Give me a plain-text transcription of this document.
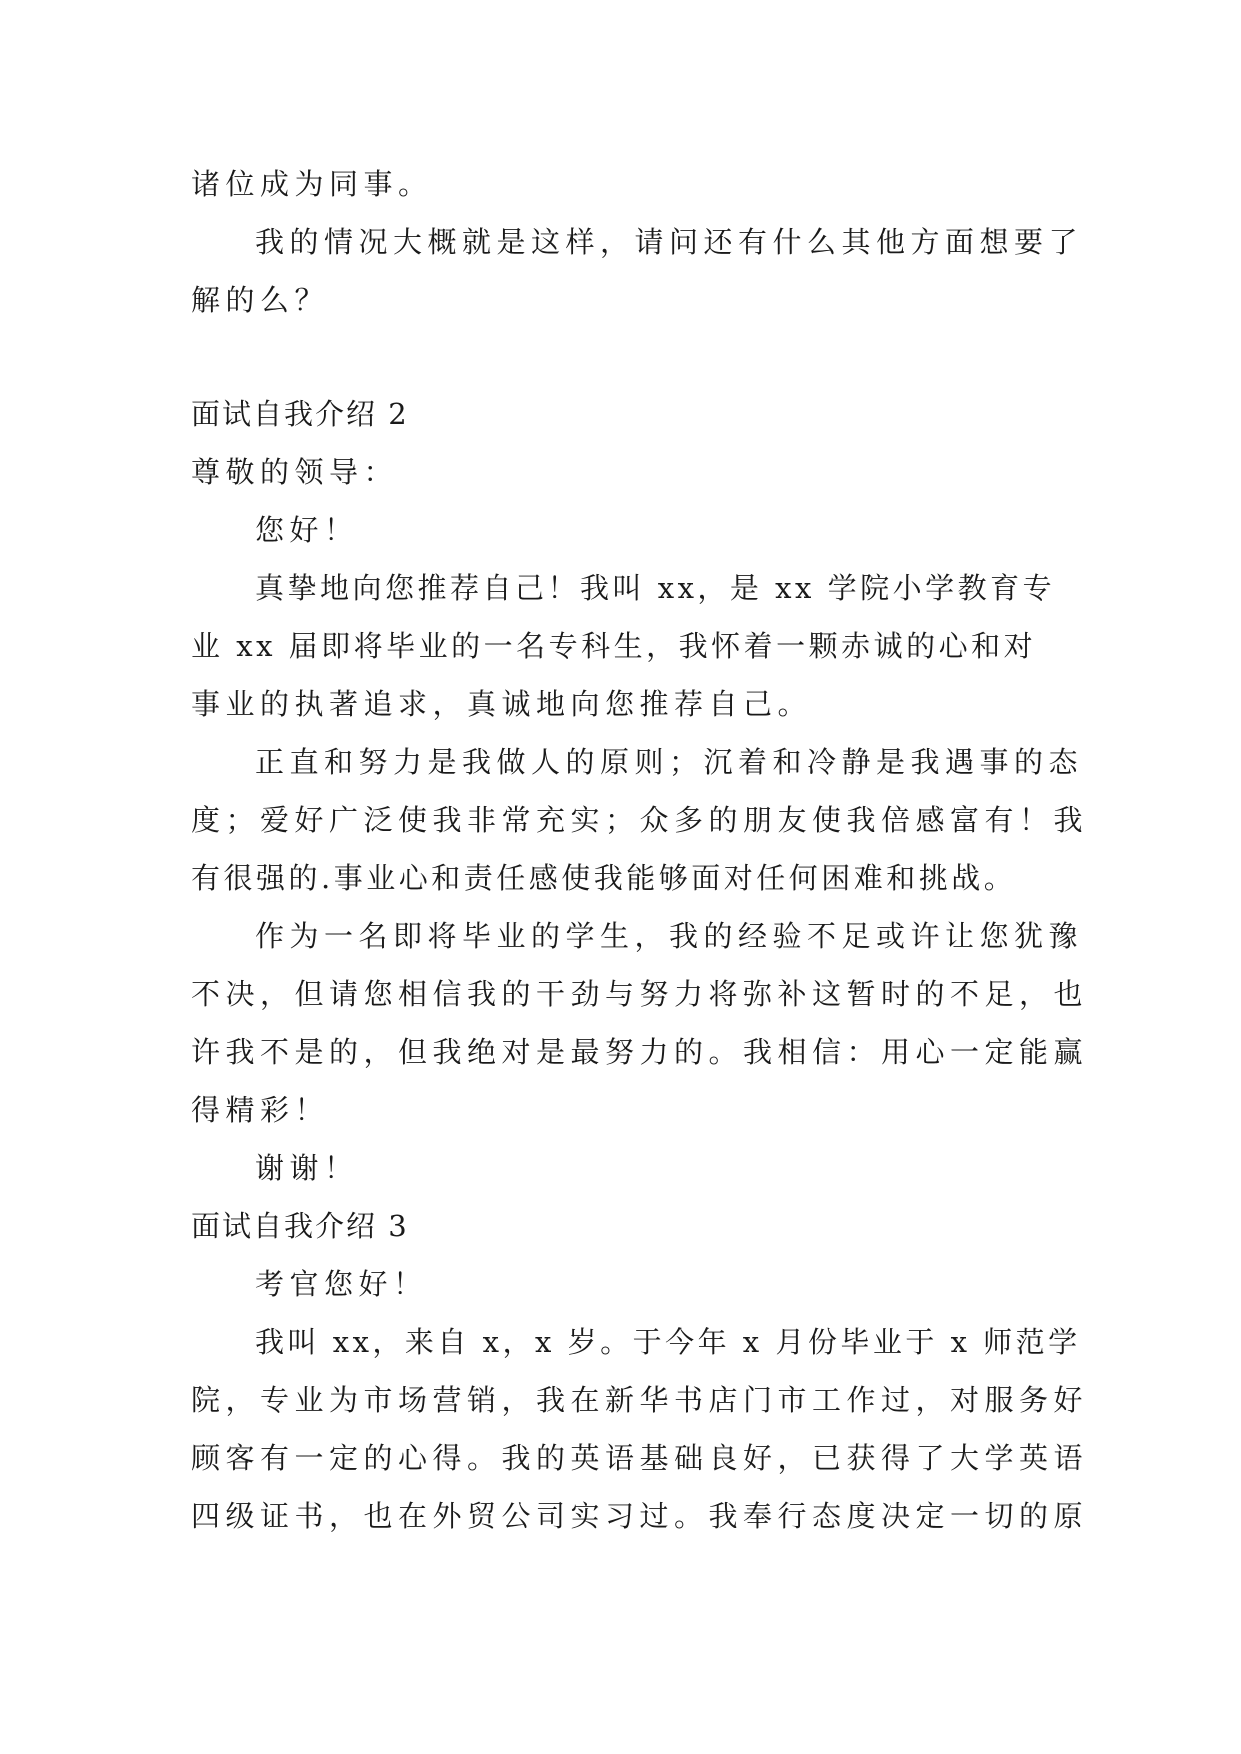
诸位成为同事。
我的情况大概就是这样，请问还有什么其他方面想要了
解的么？
面试自我介绍 2
尊敬的领导：
您好！
真挚地向您推荐自己！我叫 xx，是 xx 学院小学教育专
业 xx 届即将毕业的一名专科生，我怀着一颗赤诚的心和对
事业的执著追求，真诚地向您推荐自己。
正直和努力是我做人的原则；沉着和冷静是我遇事的态
度；爱好广泛使我非常充实；众多的朋友使我倍感富有！我
有很强的.事业心和责任感使我能够面对任何困难和挑战。
作为一名即将毕业的学生，我的经验不足或许让您犹豫
不决，但请您相信我的干劲与努力将弥补这暂时的不足，也
许我不是的，但我绝对是最努力的。我相信：用心一定能赢
得精彩！
谢谢！
面试自我介绍 3
考官您好！
我叫 xx，来自 x，x 岁。于今年 x 月份毕业于 x 师范学
院，专业为市场营销，我在新华书店门市工作过，对服务好
顾客有一定的心得。我的英语基础良好，已获得了大学英语
四级证书，也在外贸公司实习过。我奉行态度决定一切的原
